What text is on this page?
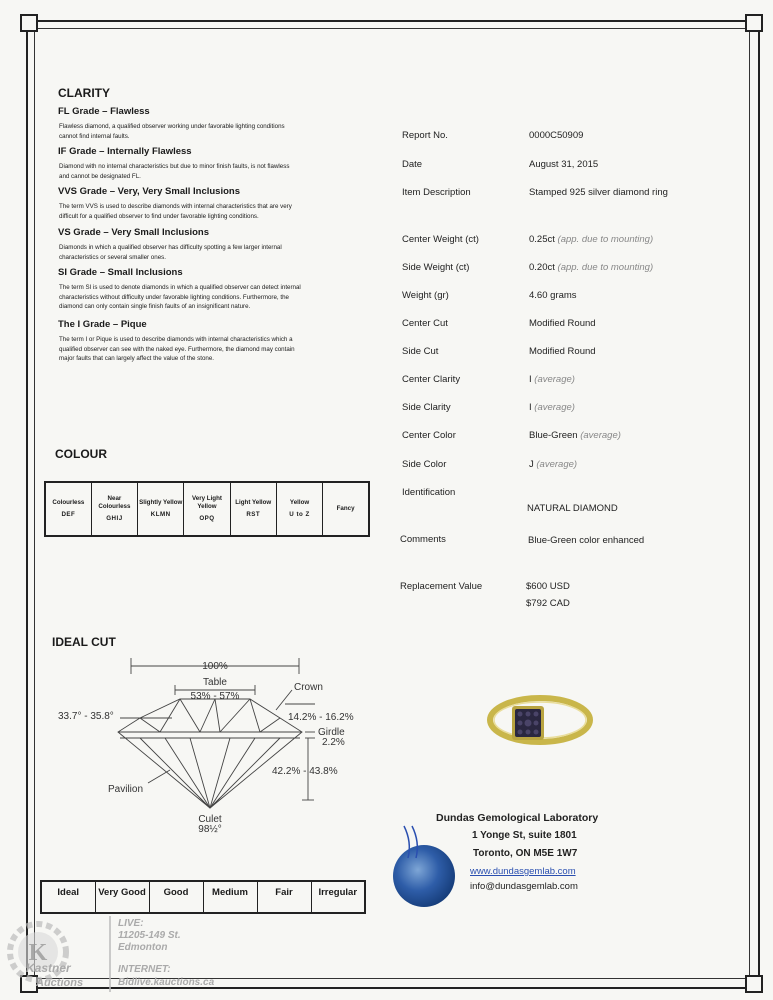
CLARITY
FL Grade – Flawless
Flawless diamond, a qualified observer working under favorable lighting conditions
cannot find internal faults.
IF Grade – Internally Flawless
Diamond with no internal characteristics but due to minor finish faults, is not flawless
and cannot be designated FL.
VVS Grade – Very, Very Small Inclusions
The term VVS is used to describe diamonds with internal characteristics that are very
difficult for a qualified observer to find under favorable lighting conditions.
VS Grade – Very Small Inclusions
Diamonds in which a qualified observer has difficulty spotting a few larger internal
characteristics or several smaller ones.
SI Grade – Small Inclusions
The term SI is used to denote diamonds in which a qualified observer can detect internal
characteristics without difficulty under favorable lighting conditions. Furthermore, the
diamond can only contain single finish faults of an insignificant nature.
The I Grade – Pique
The term I or Pique is used to describe diamonds with internal characteristics which a
qualified observer can see with the naked eye. Furthermore, the diamond may contain
major faults that can largely affect the value of the stone.
COLOUR
Colourless
DEF

Near Colourless
GHIJ

Slightly Yellow
KLMN

Very Light Yellow
OPQ

Light Yellow
RST

Yellow
U to Z

Fancy
IDEAL CUT
100%
Table
53% - 57%
Crown
33.7° - 35.8°	14.2% - 16.2%
Girdle
2.2%
42.2% - 43.8%
Pavilion
Culet
98½°
Ideal	Very Good	Good	Medium	Fair	Irregular
Report No.	0000C50909
Date	August 31, 2015
Item Description	Stamped 925 silver diamond ring
Center Weight (ct)	0.25ct (app. due to mounting)
Side Weight (ct)	0.20ct (app. due to mounting)
Weight (gr)	4.60 grams
Center Cut	Modified Round
Side Cut	Modified Round
Center Clarity	I (average)
Side Clarity	I (average)
Center Color	Blue-Green (average)
Side Color	J (average)
Identification
NATURAL DIAMOND
Comments	Blue-Green color enhanced
Replacement Value	$600 USD
$792 CAD
Dundas Gemological Laboratory
1 Yonge St, suite 1801
Toronto, ON M5E 1W7
www.dundasgemlab.com
info@dundasgemlab.com
K
Kastner
Auctions
LIVE:
11205-149 St.
Edmonton
INTERNET:
Bidlive.kauctions.ca
